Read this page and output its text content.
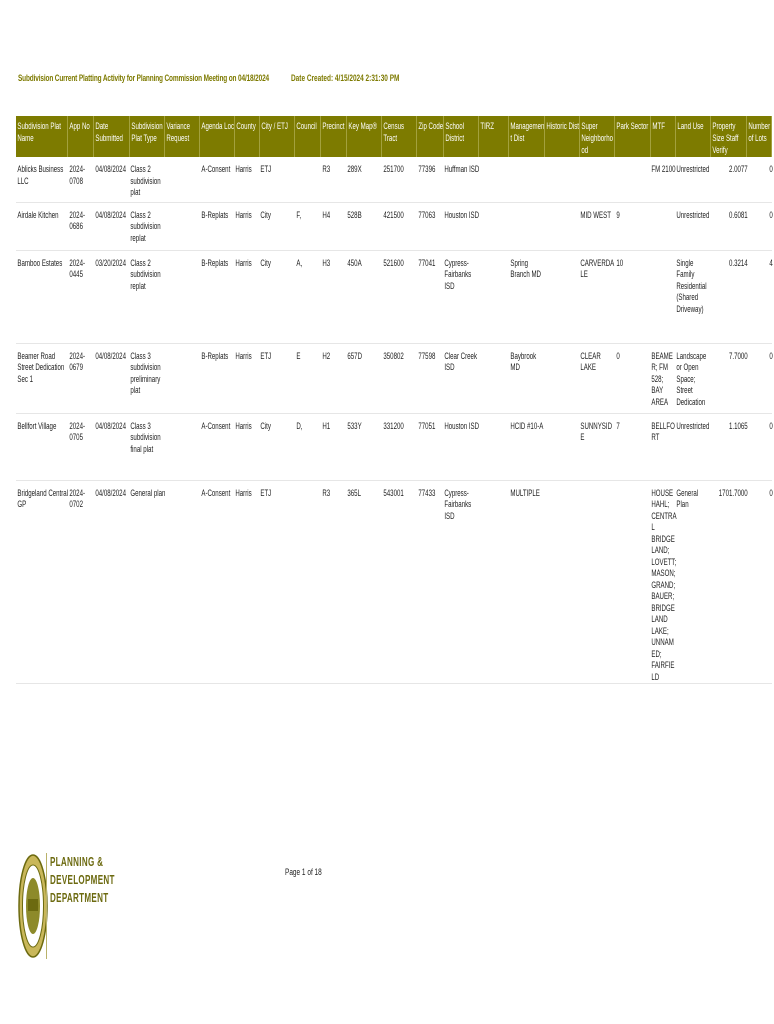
Subdivision Current Platting Activity for Planning Commission Meeting on 04/18/2024 Date Created: 4/15/2024 2:31:30 PM
Subdivision Plat Name	App No	Date Submitted	Subdivision Plat Type	Variance Request	Agenda Loc	County	City / ETJ	Council	Precinct	Key Map®	Census Tract	Zip Code	School District	TIRZ	Management Dist	Historic Dist	Super Neighborhood	Park Sector	MTF	Land Use	Property Size Staff Verify	Number of Lots

Ablicks Business LLC	2024-0708	04/08/2024	Class 2 subdivision plat		A-Consent	Harris	ETJ		R3	289X	251700	77396	Huffman ISD						FM 2100	Unrestricted	2.0077	0

Airdale Kitchen	2024-0686	04/08/2024	Class 2 subdivision replat		B-Replats	Harris	City	F,	H4	528B	421500	77063	Houston ISD				MID WEST	9		Unrestricted	0.6081	0

Bamboo Estates	2024-0445	03/20/2024	Class 2 subdivision replat		B-Replats	Harris	City	A,	H3	450A	521600	77041	Cypress-Fairbanks ISD		Spring Branch MD		CARVERDALE	10		Single Family Residential (Shared Driveway)	0.3214	4

Beamer Road Street Dedication Sec 1	2024-0679	04/08/2024	Class 3 subdivision preliminary plat		B-Replats	Harris	ETJ	E	H2	657D	350802	77598	Clear Creek ISD		Baybrook MD		CLEAR LAKE	0	BEAMER; FM 528; BAY AREA	Landscape or Open Space; Street Dedication	7.7000	0

Bellfort Village	2024-0705	04/08/2024	Class 3 subdivision final plat		A-Consent	Harris	City	D,	H1	533Y	331200	77051	Houston ISD		HCID #10-A		SUNNYSIDE	7	BELLFORT	Unrestricted	1.1065	0

Bridgeland Central GP	2024-0702	04/08/2024	General plan		A-Consent	Harris	ETJ		R3	365L	543001	77433	Cypress-Fairbanks ISD		MULTIPLE				HOUSE HAHL; CENTRAL BRIDGELAND; LOVETT; MASON; GRAND; BAUER; BRIDGELAND LAKE; UNNAMED; FAIRFIELD	General Plan	1701.7000	0
PLANNING &
DEVELOPMENT
DEPARTMENT
Page 1 of 18
